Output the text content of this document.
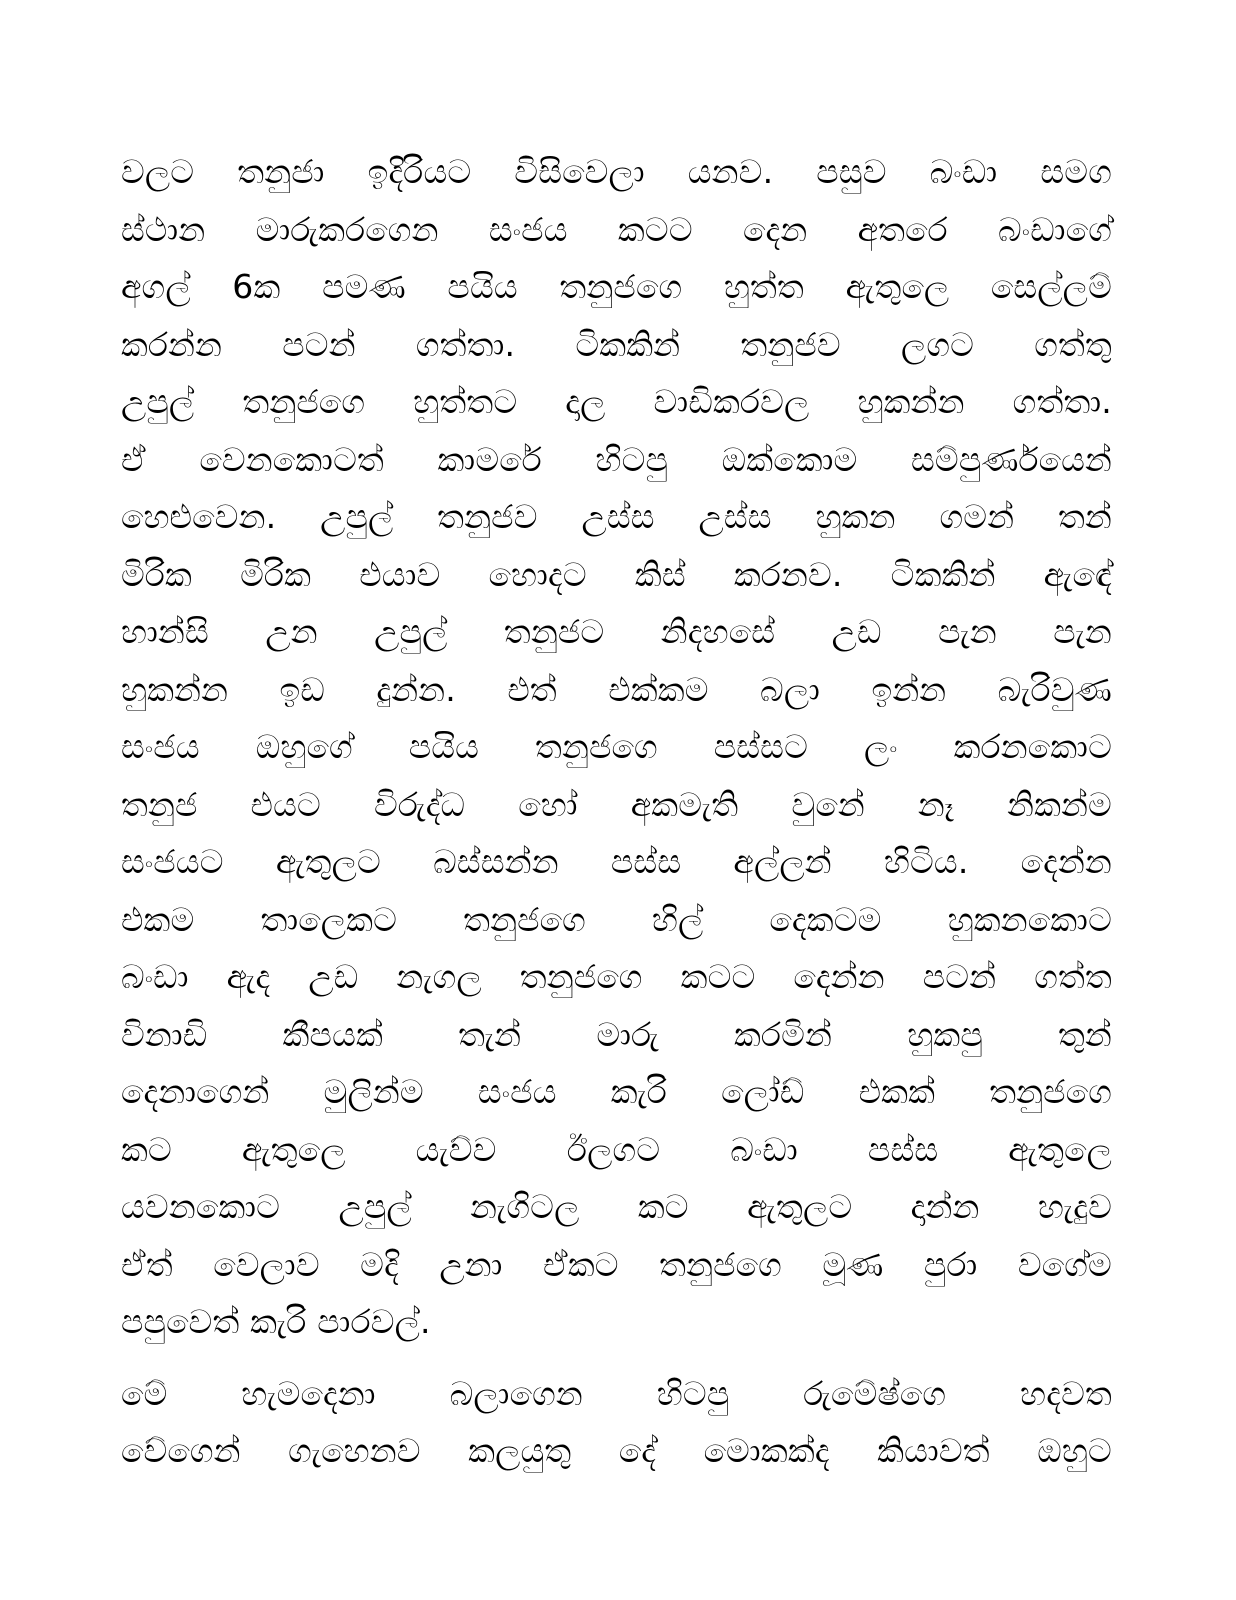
වලට තනුජා ඉදිරියට විසිවෙලා යනව. පසුව බංඩා සමග
ස්ථාන මාරුකරගෙන සංජය කටට දෙන අතරෙ බංඩාගේ
අගල් 6ක පමණ පයිය තනුජගෙ හුත්ත ඇතුලෙ සෙල්ලම්
කරන්න පටන් ගත්තා. ටිකකින් තනුජව ලගට ගත්තු
උපුල් තනුජගෙ හුත්තට දාල වාඩිකරවල හුකන්න ගත්තා.
ඒ වෙනකොටත් කාමරේ හිටපු ඔක්කොම සම්පුර්ණයෙන්
හෙළුවෙන. උපුල් තනුජව උස්ස උස්ස හුකන ගමන් තන්
මිරික මිරික එයාව හොදට කිස් කරනව. ටිකකින් ඇඳේ
හාන්සි උන උපුල් තනුජට නිදහසේ උඩ පැන පැන
හුකන්න ඉඩ දුන්න. එත් එක්කම බලා ඉන්න බැරිවුණ
සංජය ඔහුගේ පයිය තනුජගෙ පස්සට ලං කරනකොට
තනුජ එයට විරුද්ධ හෝ අකමැති වුනේ නෑ නිකන්ම
සංජයට ඇතුලට බස්සන්න පස්ස අල්ලන් හිටිය. දෙන්න
එකම තාලෙකට තනුජගෙ හිල් දෙකටම හුකනකොට
බංඩා ඇද උඩ නැගල තනුජගෙ කටට දෙන්න පටන් ගත්ත
විනාඩි කීපයක් තැන් මාරු කරමින් හුකපු තුන්
දෙනාගෙන් මුලින්ම සංජය කැරි ලෝඩ් එකක් තනුජගෙ
කට ඇතුලෙ යැව්ව ඊලගට බංඩා පස්ස ඇතුලෙ
යවනකොට උපුල් නැගිටල කට ඇතුලට දාන්න හැදුව
ඒත් වෙලාව මදි උනා ඒකට තනුජගෙ මූණ පුරා වගේම
පපුවෙත් කැරි පාරවල්.
මේ හැමදෙනා බලාගෙන හිටපු රුමේෂ්ගෙ හදවත
වේගෙන් ගැහෙනව කලයුතු දේ මොකක්ද කියාවත් ඔහුට
